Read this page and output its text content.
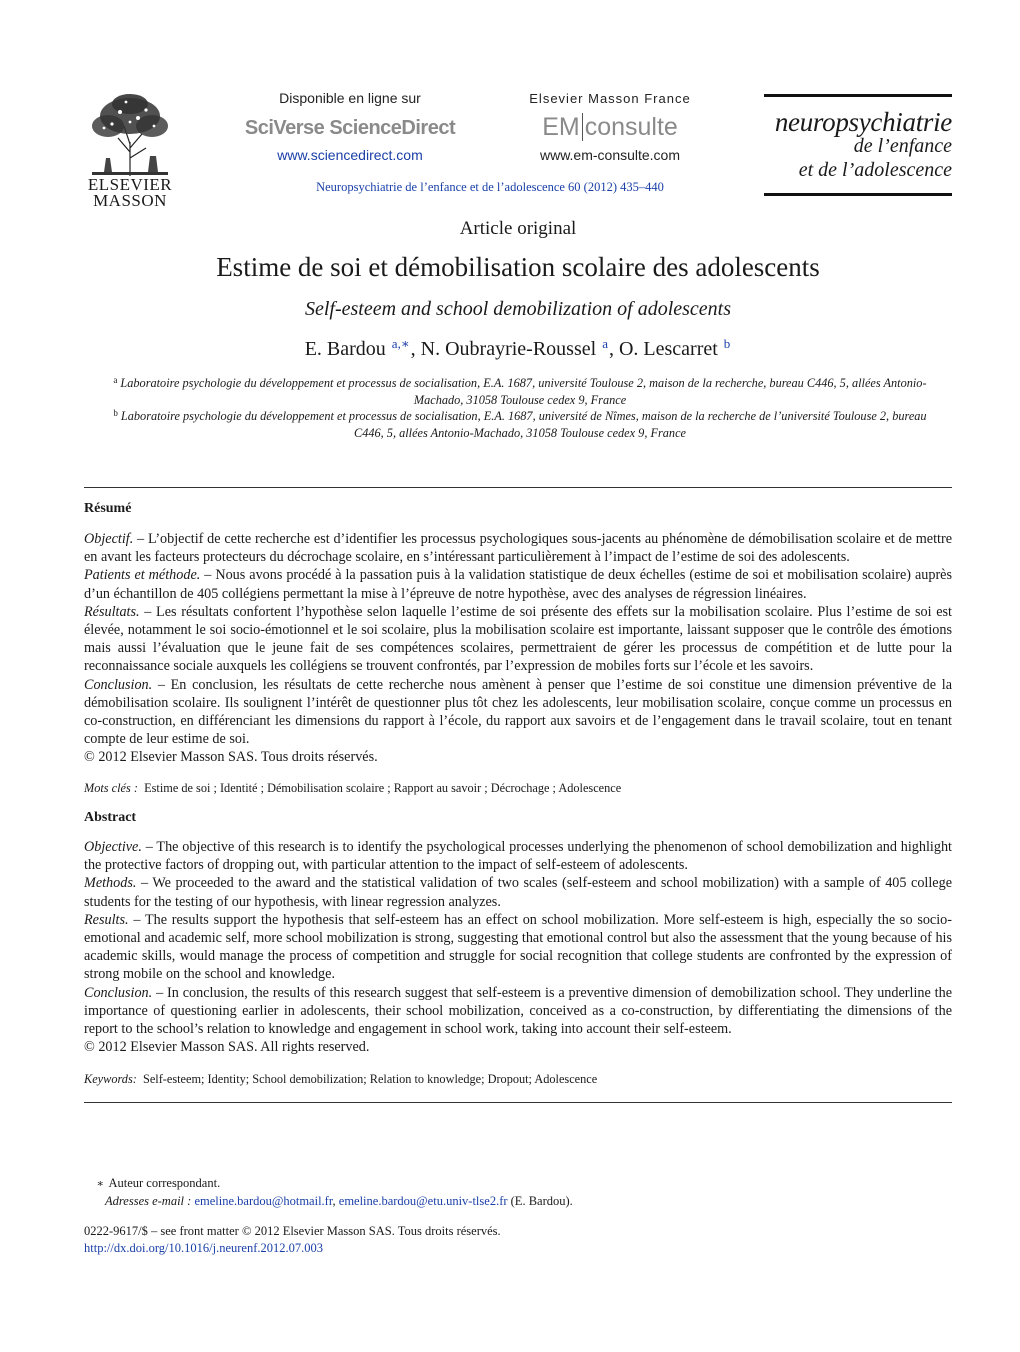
ELSEVIER
MASSON
Disponible en ligne sur
SciVerse ScienceDirect
www.sciencedirect.com
Elsevier Masson France
EM consulte
www.em-consulte.com
Neuropsychiatrie de l’enfance et de l’adolescence 60 (2012) 435–440
neuropsychiatrie
de l’enfance
et de l’adolescence
Article original
Estime de soi et démobilisation scolaire des adolescents
Self-esteem and school demobilization of adolescents
E. Bardou $^{a,∗}$, N. Oubrayrie-Roussel $^a$, O. Lescarret $^b$
$^a$ Laboratoire psychologie du développement et processus de socialisation, E.A. 1687, université Toulouse 2, maison de la recherche, bureau C446, 5, allées Antonio-Machado, 31058 Toulouse cedex 9, France
$^b$ Laboratoire psychologie du développement et processus de socialisation, E.A. 1687, université de Nîmes, maison de la recherche de l’université Toulouse 2, bureau C446, 5, allées Antonio-Machado, 31058 Toulouse cedex 9, France
Résumé

Objectif. – L’objectif de cette recherche est d’identifier les processus psychologiques sous-jacents au phénomène de démobilisation scolaire et de mettre en avant les facteurs protecteurs du décrochage scolaire, en s’intéressant particulièrement à l’impact de l’estime de soi des adolescents.

Patients et méthode. – Nous avons procédé à la passation puis à la validation statistique de deux échelles (estime de soi et mobilisation scolaire) auprès d’un échantillon de 405 collégiens permettant la mise à l’épreuve de notre hypothèse, avec des analyses de régression linéaires.

Résultats. – Les résultats confortent l’hypothèse selon laquelle l’estime de soi présente des effets sur la mobilisation scolaire. Plus l’estime de soi est élevée, notamment le soi socio-émotionnel et le soi scolaire, plus la mobilisation scolaire est importante, laissant supposer que le contrôle des émotions mais aussi l’évaluation que le jeune fait de ses compétences scolaires, permettraient de gérer les processus de compétition et de lutte pour la reconnaissance sociale auxquels les collégiens se trouvent confrontés, par l’expression de mobiles forts sur l’école et les savoirs.

Conclusion. – En conclusion, les résultats de cette recherche nous amènent à penser que l’estime de soi constitue une dimension préventive de la démobilisation scolaire. Ils soulignent l’intérêt de questionner plus tôt chez les adolescents, leur mobilisation scolaire, conçue comme un processus en co-construction, en différenciant les dimensions du rapport à l’école, du rapport aux savoirs et de l’engagement dans le travail scolaire, tout en tenant compte de leur estime de soi.

© 2012 Elsevier Masson SAS. Tous droits réservés.

Mots clés : Estime de soi ; Identité ; Démobilisation scolaire ; Rapport au savoir ; Décrochage ; Adolescence
Abstract

Objective. – The objective of this research is to identify the psychological processes underlying the phenomenon of school demobilization and highlight the protective factors of dropping out, with particular attention to the impact of self-esteem of adolescents.

Methods. – We proceeded to the award and the statistical validation of two scales (self-esteem and school mobilization) with a sample of 405 college students for the testing of our hypothesis, with linear regression analyzes.

Results. – The results support the hypothesis that self-esteem has an effect on school mobilization. More self-esteem is high, especially the so socio-emotional and academic self, more school mobilization is strong, suggesting that emotional control but also the assessment that the young because of his academic skills, would manage the process of competition and struggle for social recognition that college students are confronted by the expression of strong mobile on the school and knowledge.

Conclusion. – In conclusion, the results of this research suggest that self-esteem is a preventive dimension of demobilization school. They underline the importance of questioning earlier in adolescents, their school mobilization, conceived as a co-construction, by differentiating the dimensions of the report to the school’s relation to knowledge and engagement in school work, taking into account their self-esteem.

© 2012 Elsevier Masson SAS. All rights reserved.

Keywords: Self-esteem; Identity; School demobilization; Relation to knowledge; Dropout; Adolescence
∗ Auteur correspondant.
Adresses e-mail : emeline.bardou@hotmail.fr, emeline.bardou@etu.univ-tlse2.fr (E. Bardou).
0222-9617/$ – see front matter © 2012 Elsevier Masson SAS. Tous droits réservés.
http://dx.doi.org/10.1016/j.neurenf.2012.07.003
